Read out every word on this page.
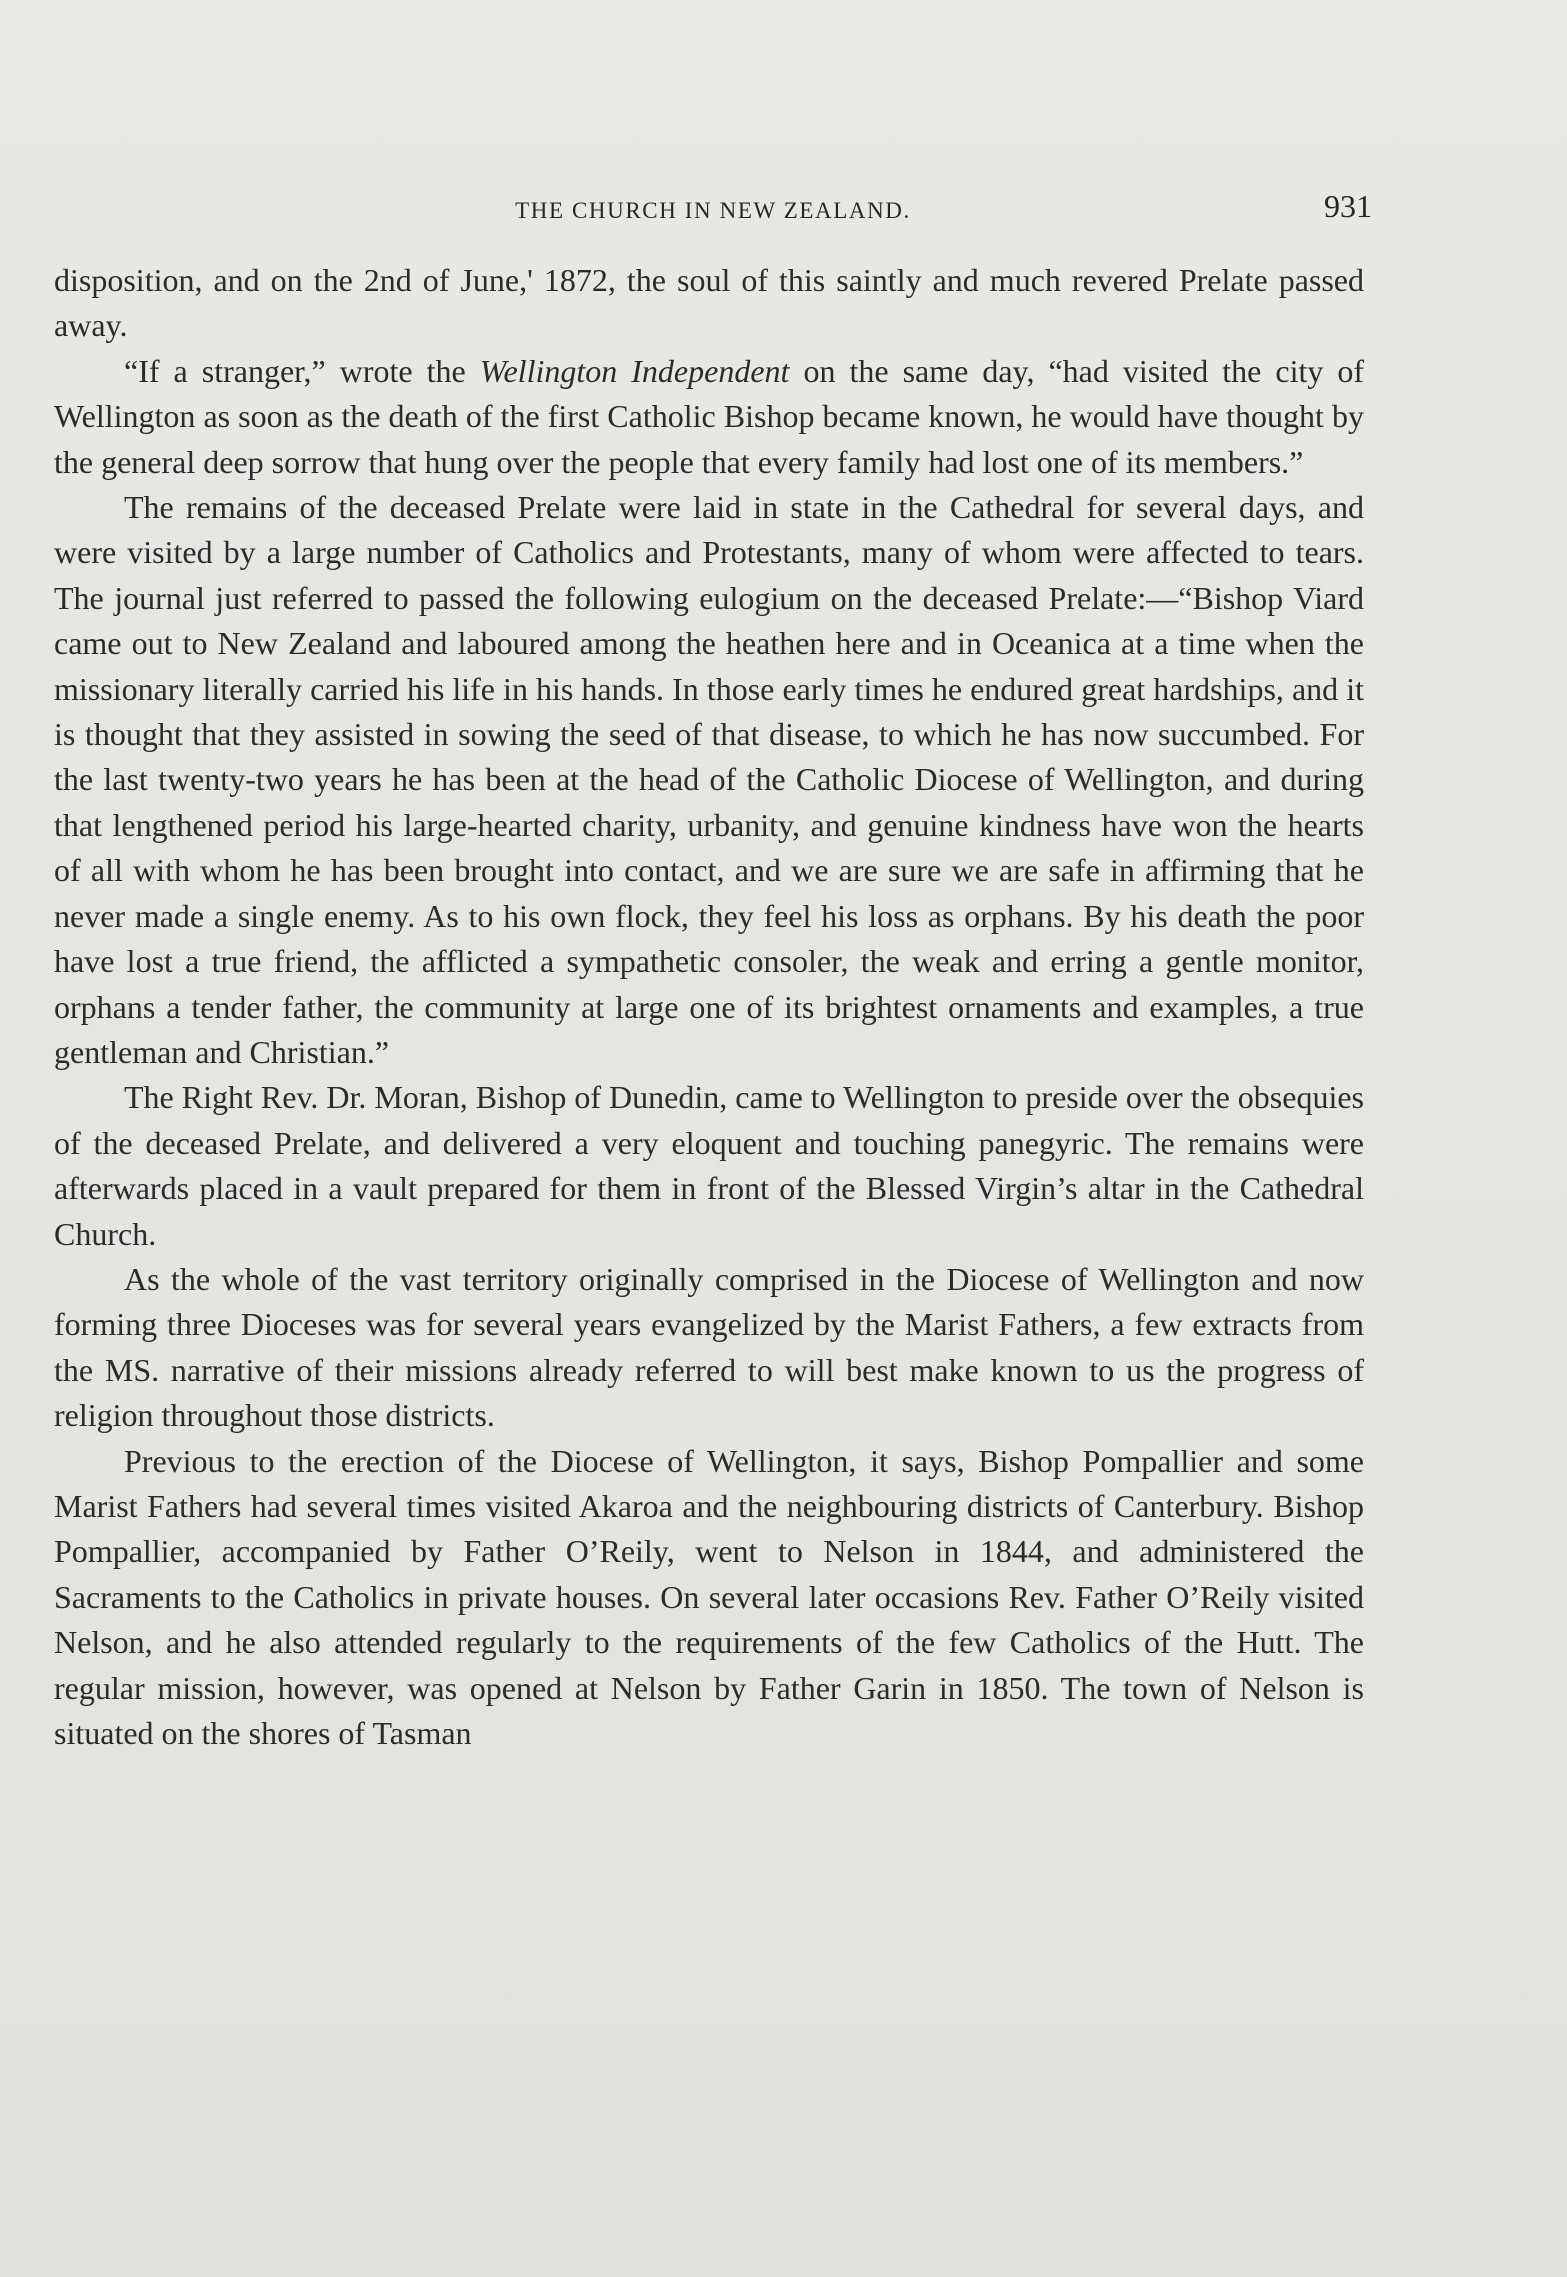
THE CHURCH IN NEW ZEALAND.	931

disposition, and on the 2nd of June,' 1872, the soul of this saintly and much revered Prelate passed away.

“If a stranger,” wrote the Wellington Independent on the same day, “had visited the city of Wellington as soon as the death of the first Catholic Bishop became known, he would have thought by the general deep sorrow that hung over the people that every family had lost one of its members.”

The remains of the deceased Prelate were laid in state in the Cathedral for several days, and were visited by a large number of Catholics and Protestants, many of whom were affected to tears. The journal just referred to passed the following eulogium on the deceased Prelate:—“Bishop Viard came out to New Zealand and laboured among the heathen here and in Oceanica at a time when the missionary literally carried his life in his hands. In those early times he endured great hardships, and it is thought that they assisted in sowing the seed of that disease, to which he has now succumbed. For the last twenty-two years he has been at the head of the Catholic Diocese of Wellington, and during that lengthened period his large-hearted charity, urbanity, and genuine kindness have won the hearts of all with whom he has been brought into contact, and we are sure we are safe in affirming that he never made a single enemy. As to his own flock, they feel his loss as orphans. By his death the poor have lost a true friend, the afflicted a sympathetic consoler, the weak and erring a gentle monitor, orphans a tender father, the community at large one of its brightest ornaments and examples, a true gentleman and Christian.”

The Right Rev. Dr. Moran, Bishop of Dunedin, came to Wellington to preside over the obsequies of the deceased Prelate, and delivered a very eloquent and touching panegyric. The remains were afterwards placed in a vault prepared for them in front of the Blessed Virgin’s altar in the Cathedral Church.

As the whole of the vast territory originally comprised in the Diocese of Wellington and now forming three Dioceses was for several years evangelized by the Marist Fathers, a few extracts from the MS. narrative of their missions already referred to will best make known to us the progress of religion throughout those districts.

Previous to the erection of the Diocese of Wellington, it says, Bishop Pompallier and some Marist Fathers had several times visited Akaroa and the neighbouring districts of Canterbury. Bishop Pompallier, accompanied by Father O’Reily, went to Nelson in 1844, and administered the Sacraments to the Catholics in private houses. On several later occasions Rev. Father O’Reily visited Nelson, and he also attended regularly to the requirements of the few Catholics of the Hutt. The regular mission, however, was opened at Nelson by Father Garin in 1850. The town of Nelson is situated on the shores of Tasman
